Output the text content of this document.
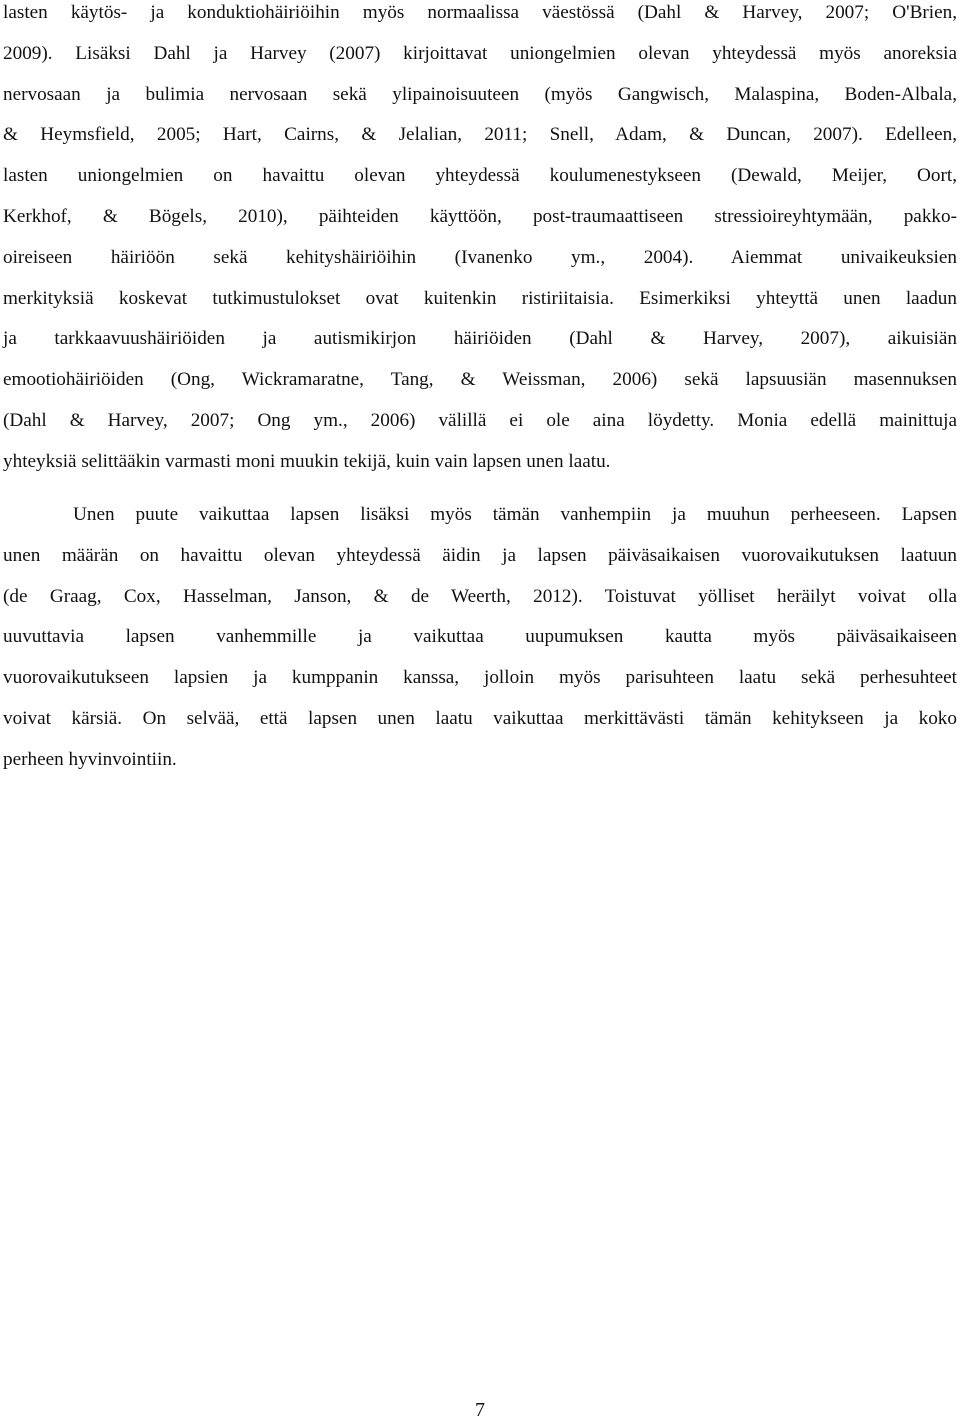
lasten käytös- ja konduktiohäiriöihin myös normaalissa väestössä (Dahl & Harvey, 2007; O'Brien,
2009). Lisäksi Dahl ja Harvey (2007) kirjoittavat uniongelmien olevan yhteydessä myös anoreksia
nervosaan ja bulimia nervosaan sekä ylipainoisuuteen (myös Gangwisch, Malaspina, Boden-Albala,
& Heymsfield, 2005; Hart, Cairns, & Jelalian, 2011; Snell, Adam, & Duncan, 2007). Edelleen,
lasten uniongelmien on havaittu olevan yhteydessä koulumenestykseen (Dewald, Meijer, Oort,
Kerkhof, & Bögels, 2010), päihteiden käyttöön, post-traumaattiseen stressioireyhtymään, pakko-
oireiseen häiriöön sekä kehityshäiriöihin (Ivanenko ym., 2004). Aiemmat univaikeuksien
merkityksiä koskevat tutkimustulokset ovat kuitenkin ristiriitaisia. Esimerkiksi yhteyttä unen laadun
ja tarkkaavuushäiriöiden ja autismikirjon häiriöiden (Dahl & Harvey, 2007), aikuisiän
emootiohäiriöiden (Ong, Wickramaratne, Tang, & Weissman, 2006) sekä lapsuusiän masennuksen
(Dahl & Harvey, 2007; Ong ym., 2006) välillä ei ole aina löydetty. Monia edellä mainittuja
yhteyksiä selittääkin varmasti moni muukin tekijä, kuin vain lapsen unen laatu.
Unen puute vaikuttaa lapsen lisäksi myös tämän vanhempiin ja muuhun perheeseen. Lapsen
unen määrän on havaittu olevan yhteydessä äidin ja lapsen päiväsaikaisen vuorovaikutuksen laatuun
(de Graag, Cox, Hasselman, Janson, & de Weerth, 2012). Toistuvat yölliset heräilyt voivat olla
uuvuttavia lapsen vanhemmille ja vaikuttaa uupumuksen kautta myös päiväsaikaiseen
vuorovaikutukseen lapsien ja kumppanin kanssa, jolloin myös parisuhteen laatu sekä perhesuhteet
voivat kärsiä. On selvää, että lapsen unen laatu vaikuttaa merkittävästi tämän kehitykseen ja koko
perheen hyvinvointiin.
7
